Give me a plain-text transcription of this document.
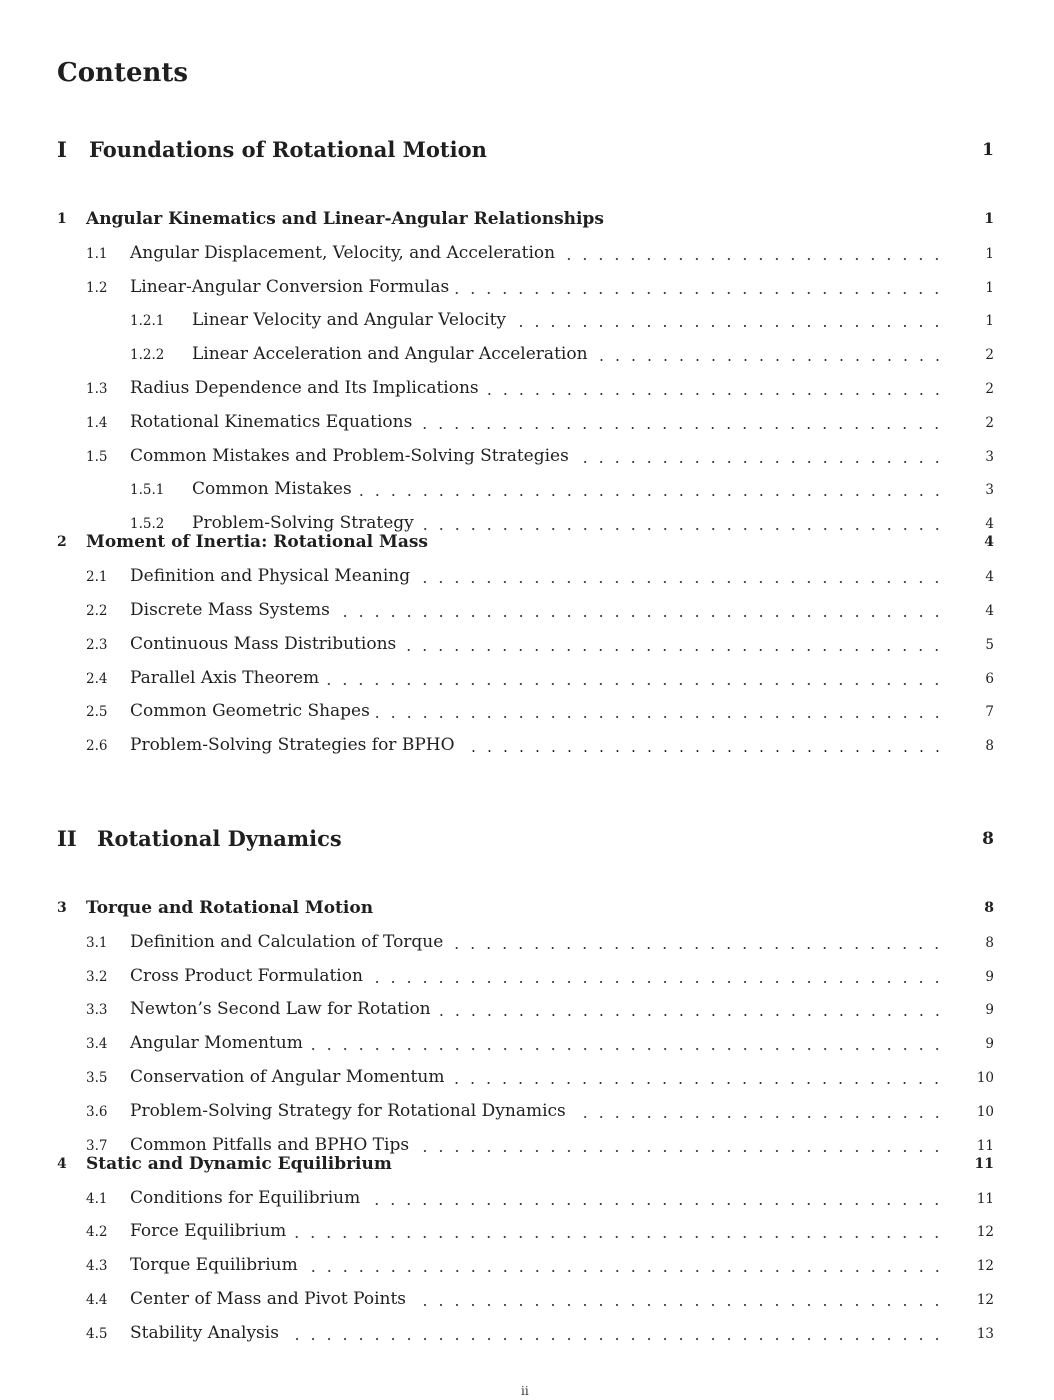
Contents
ii
I Foundations of Rotational Motion	1
1 Angular Kinematics and Linear-Angular Relationships	1
1.1 Angular Displacement, Velocity, and Acceleration	1
1.2 Linear-Angular Conversion Formulas	1
1.2.1 Linear Velocity and Angular Velocity	1
1.2.2 Linear Acceleration and Angular Acceleration	2
1.3 Radius Dependence and Its Implications	2
1.4 Rotational Kinematics Equations	2
1.5 Common Mistakes and Problem-Solving Strategies	3
1.5.1 Common Mistakes	3
1.5.2 Problem-Solving Strategy	4
2 Moment of Inertia: Rotational Mass	4
2.1 Definition and Physical Meaning	4
2.2 Discrete Mass Systems	4
2.3 Continuous Mass Distributions	5
2.4 Parallel Axis Theorem	6
2.5 Common Geometric Shapes	7
2.6 Problem-Solving Strategies for BPHO	8
II Rotational Dynamics	8
3 Torque and Rotational Motion	8
3.1 Definition and Calculation of Torque	8
3.2 Cross Product Formulation	9
3.3 Newton’s Second Law for Rotation	9
3.4 Angular Momentum	9
3.5 Conservation of Angular Momentum	10
3.6 Problem-Solving Strategy for Rotational Dynamics	10
3.7 Common Pitfalls and BPHO Tips	11
4 Static and Dynamic Equilibrium	11
4.1 Conditions for Equilibrium	11
4.2 Force Equilibrium	12
4.3 Torque Equilibrium	12
4.4 Center of Mass and Pivot Points	12
4.5 Stability Analysis	13
